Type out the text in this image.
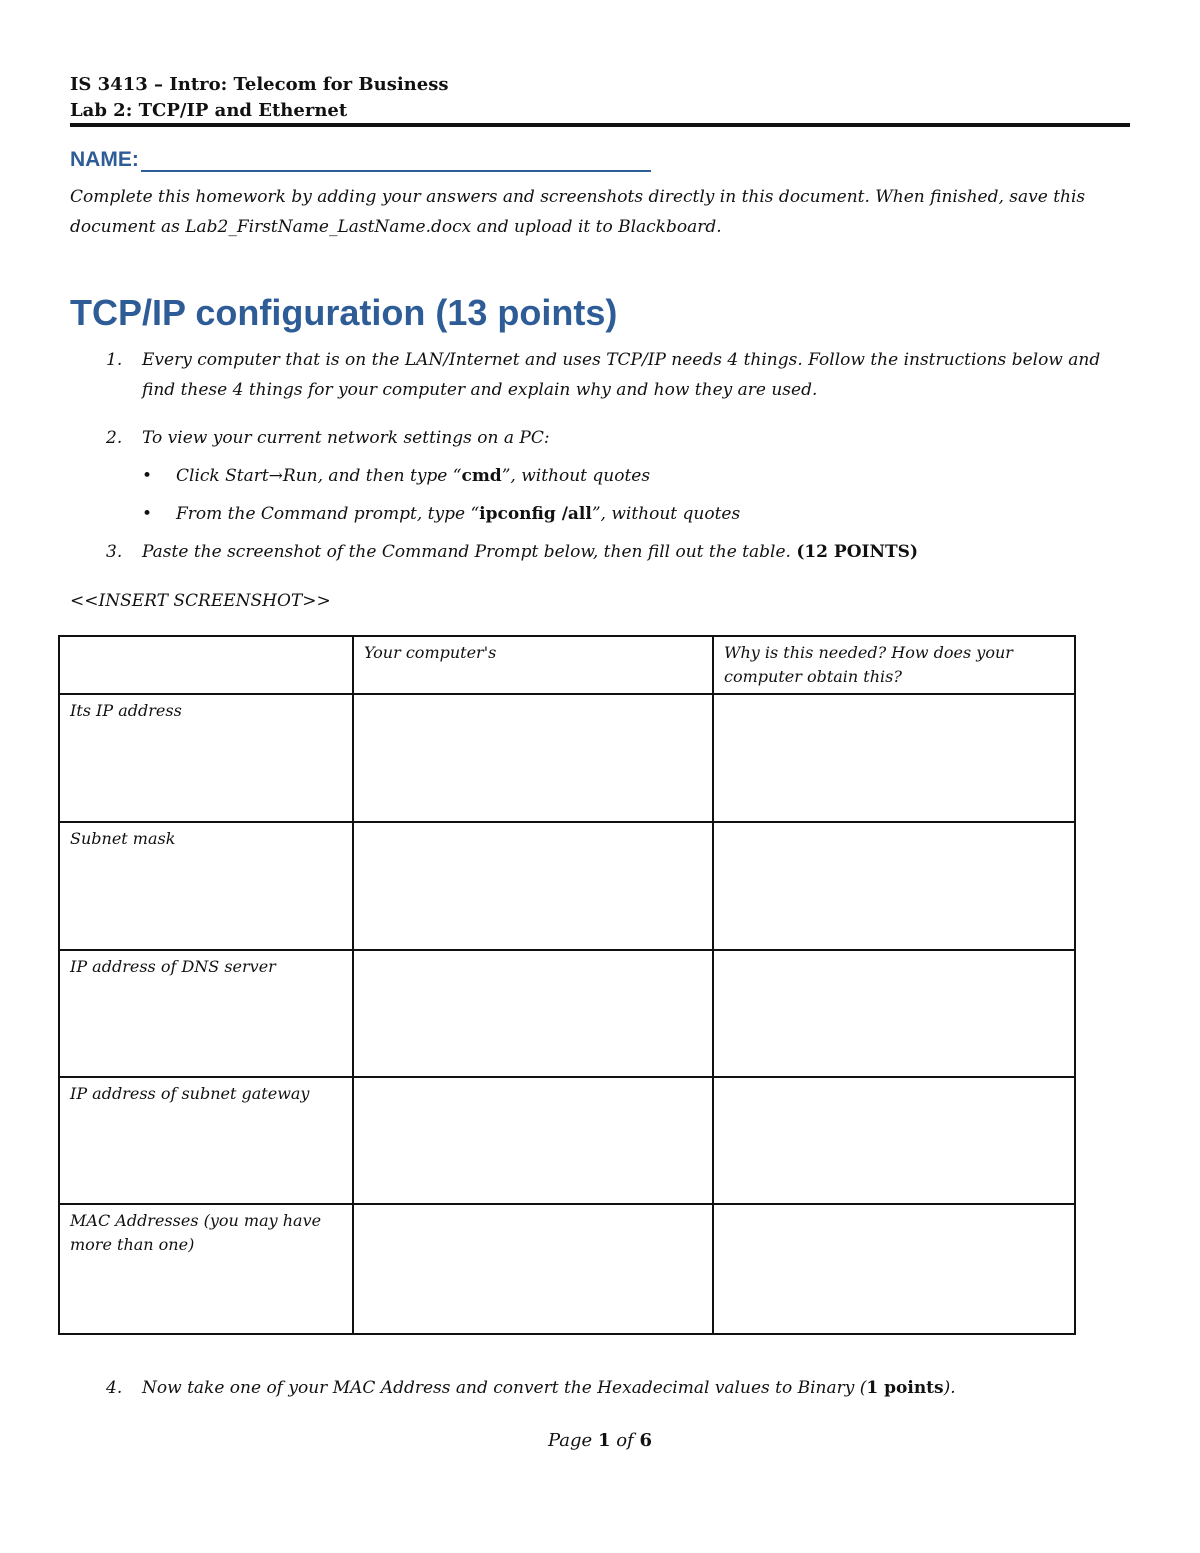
IS 3413 – Intro: Telecom for Business
Lab 2: TCP/IP and Ethernet
NAME:
Complete this homework by adding your answers and screenshots directly in this document. When finished, save this
document as Lab2_FirstName_LastName.docx and upload it to Blackboard.
TCP/IP configuration (13 points)
1. Every computer that is on the LAN/Internet and uses TCP/IP needs 4 things. Follow the instructions below and
find these 4 things for your computer and explain why and how they are used.
2. To view your current network settings on a PC:
• Click Start→Run, and then type “cmd”, without quotes
• From the Command prompt, type “ipconfig /all”, without quotes
3. Paste the screenshot of the Command Prompt below, then fill out the table. (12 POINTS)
<<INSERT SCREENSHOT>>
	Your computer's	Why is this needed? How does your computer obtain this?
Its IP address		
Subnet mask		
IP address of DNS server		
IP address of subnet gateway		
MAC Addresses (you may have more than one)		
4. Now take one of your MAC Address and convert the Hexadecimal values to Binary (1 points).
Page 1 of 6
